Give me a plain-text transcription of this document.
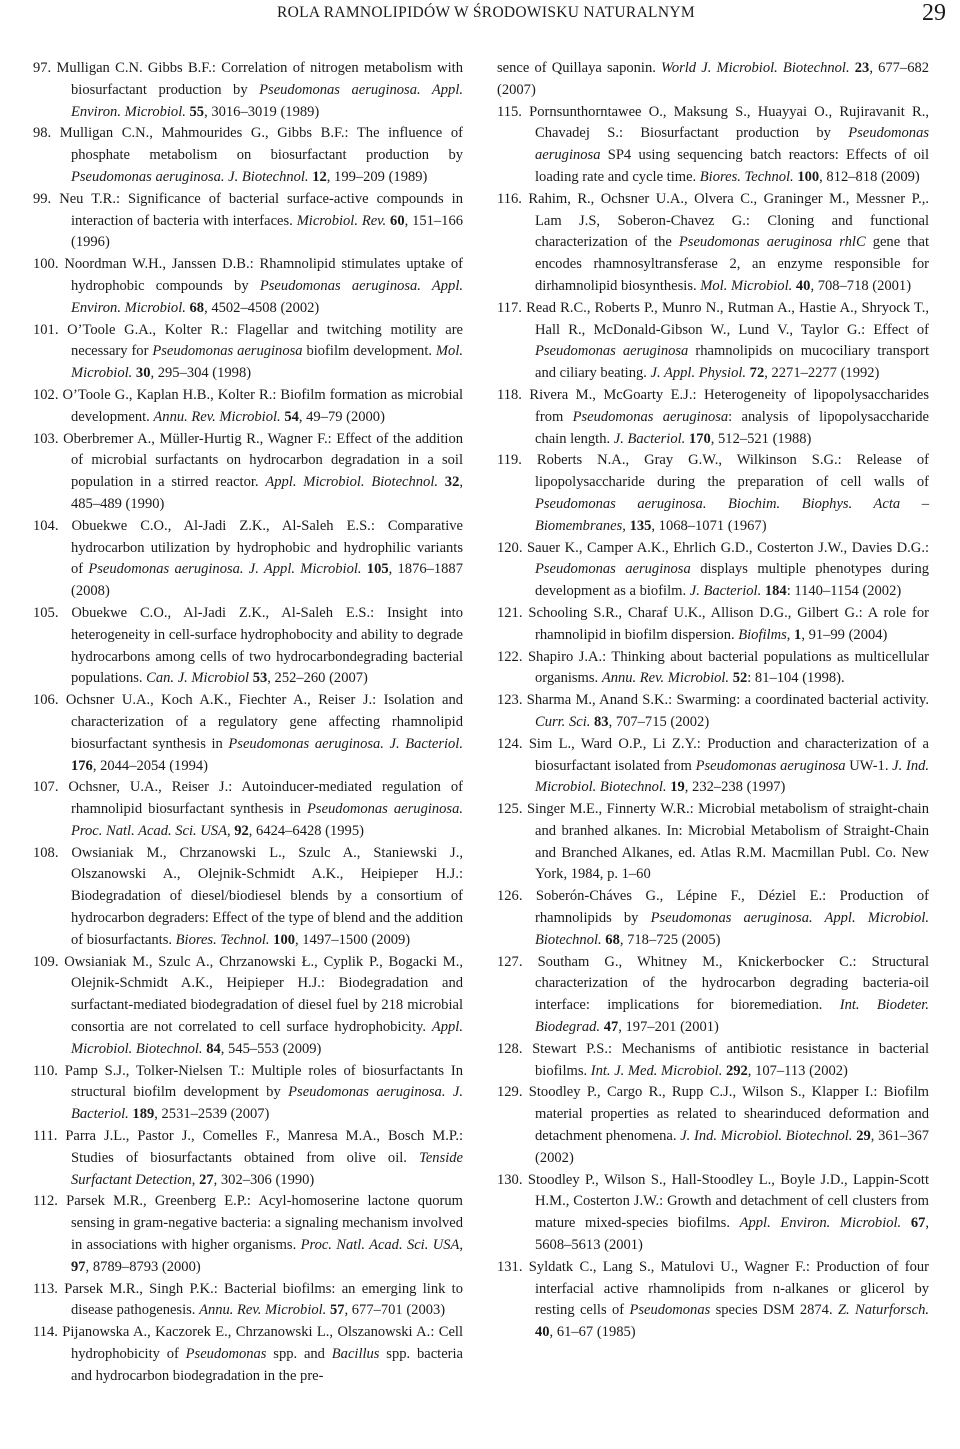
ROLA RAMNOLIPIDÓW W ŚRODOWISKU NATURALNYM	29
97. Mulligan C.N. Gibbs B.F.: Correlation of nitrogen metabolism with biosurfactant production by Pseudomonas aeruginosa. Appl. Environ. Microbiol. 55, 3016–3019 (1989)
98. Mulligan C.N., Mahmourides G., Gibbs B.F.: The influence of phosphate metabolism on biosurfactant production by Pseudomonas aeruginosa. J. Biotechnol. 12, 199–209 (1989)
99. Neu T.R.: Significance of bacterial surface-active compounds in interaction of bacteria with interfaces. Microbiol. Rev. 60, 151–166 (1996)
100. Noordman W.H., Janssen D.B.: Rhamnolipid stimulates uptake of hydrophobic compounds by Pseudomonas aeruginosa. Appl. Environ. Microbiol. 68, 4502–4508 (2002)
101. O’Toole G.A., Kolter R.: Flagellar and twitching motility are necessary for Pseudomonas aeruginosa biofilm development. Mol. Microbiol. 30, 295–304 (1998)
102. O’Toole G., Kaplan H.B., Kolter R.: Biofilm formation as microbial development. Annu. Rev. Microbiol. 54, 49–79 (2000)
103. Oberbremer A., Müller-Hurtig R., Wagner F.: Effect of the addition of microbial surfactants on hydrocarbon degradation in a soil population in a stirred reactor. Appl. Microbiol. Biotechnol. 32, 485–489 (1990)
104. Obuekwe C.O., Al-Jadi Z.K., Al-Saleh E.S.: Comparative hydrocarbon utilization by hydrophobic and hydrophilic variants of Pseudomonas aeruginosa. J. Appl. Microbiol. 105, 1876–1887 (2008)
105. Obuekwe C.O., Al-Jadi Z.K., Al-Saleh E.S.: Insight into heterogeneity in cell-surface hydrophobocity and ability to degrade hydrocarbons among cells of two hydrocarbondegrading bacterial populations. Can. J. Microbiol 53, 252–260 (2007)
106. Ochsner U.A., Koch A.K., Fiechter A., Reiser J.: Isolation and characterization of a regulatory gene affecting rhamnolipid biosurfactant synthesis in Pseudomonas aeruginosa. J. Bacteriol. 176, 2044–2054 (1994)
107. Ochsner, U.A., Reiser J.: Autoinducer-mediated regulation of rhamnolipid biosurfactant synthesis in Pseudomonas aeruginosa. Proc. Natl. Acad. Sci. USA, 92, 6424–6428 (1995)
108. Owsianiak M., Chrzanowski L., Szulc A., Staniewski J., Olszanowski A., Olejnik-Schmidt A.K., Heipieper H.J.: Biodegradation of diesel/biodiesel blends by a consortium of hydrocarbon degraders: Effect of the type of blend and the addition of biosurfactants. Biores. Technol. 100, 1497–1500 (2009)
109. Owsianiak M., Szulc A., Chrzanowski Ł., Cyplik P., Bogacki M., Olejnik-Schmidt A.K., Heipieper H.J.: Biodegradation and surfactant-mediated biodegradation of diesel fuel by 218 microbial consortia are not correlated to cell surface hydrophobicity. Appl. Microbiol. Biotechnol. 84, 545–553 (2009)
110. Pamp S.J., Tolker-Nielsen T.: Multiple roles of biosurfactants In structural biofilm development by Pseudomonas aeruginosa. J. Bacteriol. 189, 2531–2539 (2007)
111. Parra J.L., Pastor J., Comelles F., Manresa M.A., Bosch M.P.: Studies of biosurfactants obtained from olive oil. Tenside Surfactant Detection, 27, 302–306 (1990)
112. Parsek M.R., Greenberg E.P.: Acyl-homoserine lactone quorum sensing in gram-negative bacteria: a signaling mechanism involved in associations with higher organisms. Proc. Natl. Acad. Sci. USA, 97, 8789–8793 (2000)
113. Parsek M.R., Singh P.K.: Bacterial biofilms: an emerging link to disease pathogenesis. Annu. Rev. Microbiol. 57, 677–701 (2003)
114. Pijanowska A., Kaczorek E., Chrzanowski L., Olszanowski A.: Cell hydrophobicity of Pseudomonas spp. and Bacillus spp. bacteria and hydrocarbon biodegradation in the pre-
sence of Quillaya saponin. World J. Microbiol. Biotechnol. 23, 677–682 (2007)
115. Pornsunthorntawee O., Maksung S., Huayyai O., Rujiravanit R., Chavadej S.: Biosurfactant production by Pseudomonas aeruginosa SP4 using sequencing batch reactors: Effects of oil loading rate and cycle time. Biores. Technol. 100, 812–818 (2009)
116. Rahim, R., Ochsner U.A., Olvera C., Graninger M., Messner P.,. Lam J.S, Soberon-Chavez G.: Cloning and functional characterization of the Pseudomonas aeruginosa rhlC gene that encodes rhamnosyltransferase 2, an enzyme responsible for dirhamnolipid biosynthesis. Mol. Microbiol. 40, 708–718 (2001)
117. Read R.C., Roberts P., Munro N., Rutman A., Hastie A., Shryock T., Hall R., McDonald-Gibson W., Lund V., Taylor G.: Effect of Pseudomonas aeruginosa rhamnolipids on mucociliary transport and ciliary beating. J. Appl. Physiol. 72, 2271–2277 (1992)
118. Rivera M., McGoarty E.J.: Heterogeneity of lipopolysaccharides from Pseudomonas aeruginosa: analysis of lipopolysaccharide chain length. J. Bacteriol. 170, 512–521 (1988)
119. Roberts N.A., Gray G.W., Wilkinson S.G.: Release of lipopolysaccharide during the preparation of cell walls of Pseudomonas aeruginosa. Biochim. Biophys. Acta – Biomembranes, 135, 1068–1071 (1967)
120. Sauer K., Camper A.K., Ehrlich G.D., Costerton J.W., Davies D.G.: Pseudomonas aeruginosa displays multiple phenotypes during development as a biofilm. J. Bacteriol. 184: 1140–1154 (2002)
121. Schooling S.R., Charaf U.K., Allison D.G., Gilbert G.: A role for rhamnolipid in biofilm dispersion. Biofilms, 1, 91–99 (2004)
122. Shapiro J.A.: Thinking about bacterial populations as multicellular organisms. Annu. Rev. Microbiol. 52: 81–104 (1998).
123. Sharma M., Anand S.K.: Swarming: a coordinated bacterial activity. Curr. Sci. 83, 707–715 (2002)
124. Sim L., Ward O.P., Li Z.Y.: Production and characterization of a biosurfactant isolated from Pseudomonas aeruginosa UW-1. J. Ind. Microbiol. Biotechnol. 19, 232–238 (1997)
125. Singer M.E., Finnerty W.R.: Microbial metabolism of straight-chain and branhed alkanes. In: Microbial Metabolism of Straight-Chain and Branched Alkanes, ed. Atlas R.M. Macmillan Publ. Co. New York, 1984, p. 1–60
126. Soberón-Cháves G., Lépine F., Déziel E.: Production of rhamnolipids by Pseudomonas aeruginosa. Appl. Microbiol. Biotechnol. 68, 718–725 (2005)
127. Southam G., Whitney M., Knickerbocker C.: Structural characterization of the hydrocarbon degrading bacteria-oil interface: implications for bioremediation. Int. Biodeter. Biodegrad. 47, 197–201 (2001)
128. Stewart P.S.: Mechanisms of antibiotic resistance in bacterial biofilms. Int. J. Med. Microbiol. 292, 107–113 (2002)
129. Stoodley P., Cargo R., Rupp C.J., Wilson S., Klapper I.: Biofilm material properties as related to shearinduced deformation and detachment phenomena. J. Ind. Microbiol. Biotechnol. 29, 361–367 (2002)
130. Stoodley P., Wilson S., Hall-Stoodley L., Boyle J.D., Lappin-Scott H.M., Costerton J.W.: Growth and detachment of cell clusters from mature mixed-species biofilms. Appl. Environ. Microbiol. 67, 5608–5613 (2001)
131. Syldatk C., Lang S., Matulovi U., Wagner F.: Production of four interfacial active rhamnolipids from n-alkanes or glicerol by resting cells of Pseudomonas species DSM 2874. Z. Naturforsch. 40, 61–67 (1985)
